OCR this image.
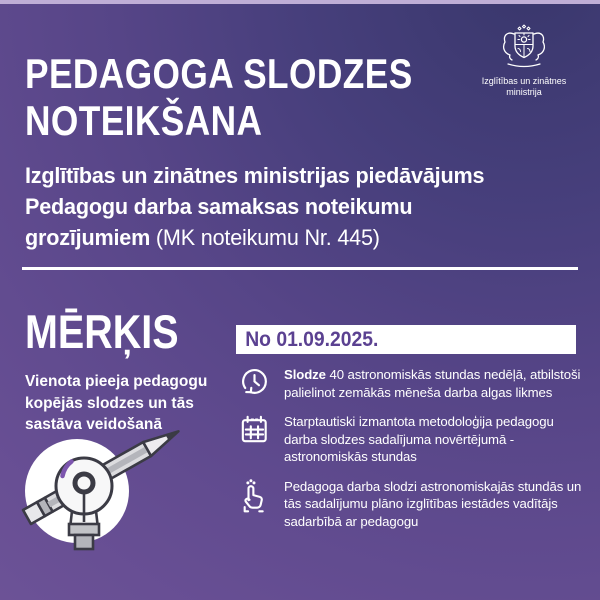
Izglītības un zinātnes
ministrija
PEDAGOGA SLODZES
NOTEIKŠANA
Izglītības un zinātnes ministrijas piedāvājums
Pedagogu darba samaksas noteikumu
grozījumiem (MK noteikumu Nr. 445)
MĒRĶIS
Vienota pieeja pedagogu
kopējās slodzes un tās
sastāva veidošanā
No 01.09.2025.
Slodze 40 astronomiskās stundas nedēļā, atbilstoši palielinot zemākās mēneša darba algas likmes
Starptautiski izmantota metodoloģija pedagogu darba slodzes sadalījuma novērtējumā - astronomiskās stundas
Pedagoga darba slodzi astronomiskajās stundās un tās sadalījumu plāno izglītības iestādes vadītājs sadarbībā ar pedagogu
